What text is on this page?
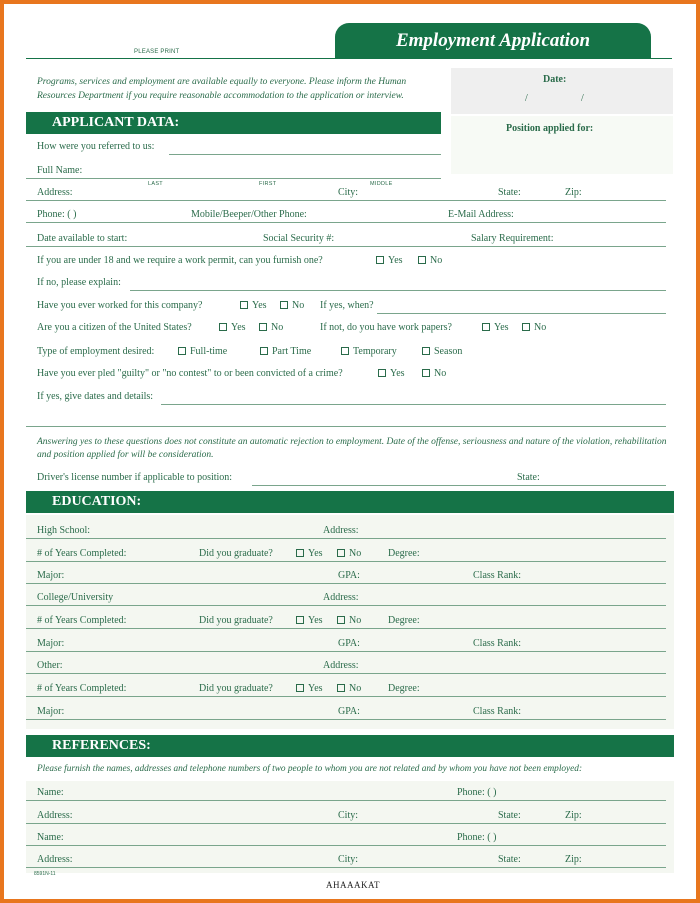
Employment Application
PLEASE PRINT
Programs, services and employment are available equally to everyone. Please inform the Human Resources Department if you require reasonable accommodation to the application or interview.
Date:
/	/
Position applied for:
APPLICANT DATA:
How were you referred to us:
Full Name:
LAST	FIRST	MIDDLE
Address:	City:	State:	Zip:
Phone: ( )	Mobile/Beeper/Other Phone:	E-Mail Address:
Date available to start:	Social Security #:	Salary Requirement:
If you are under 18 and we require a work permit, can you furnish one?	Yes	No
If no, please explain:
Have you ever worked for this company?	Yes	No If yes, when?
Are you a citizen of the United States?	Yes	No	If not, do you have work papers?	Yes	No
Type of employment desired:	Full-time	Part Time	Temporary	Season
Have you ever pled "guilty" or "no contest" to or been convicted of a crime?	Yes	No
If yes, give dates and details:
Answering yes to these questions does not constitute an automatic rejection to employment. Date of the offense, seriousness and nature of the violation, rehabilitation and position applied for will be consideration.
Driver's license number if applicable to position:	State:
EDUCATION:
High School:	Address:
# of Years Completed:	Did you graduate?	Yes	No	Degree:
Major:	GPA:	Class Rank:
College/University	Address:
# of Years Completed:	Did you graduate?	Yes	No	Degree:
Major:	GPA:	Class Rank:
Other:	Address:
# of Years Completed:	Did you graduate?	Yes	No	Degree:
Major:	GPA:	Class Rank:
REFERENCES:
Please furnish the names, addresses and telephone numbers of two people to whom you are not related and by whom you have not been employed:
Name:	Phone: ( )
Address:	City:	State:	Zip:
Name:	Phone: ( )
Address:	City:	State:	Zip:
8591N-11
AHAAAKAT
